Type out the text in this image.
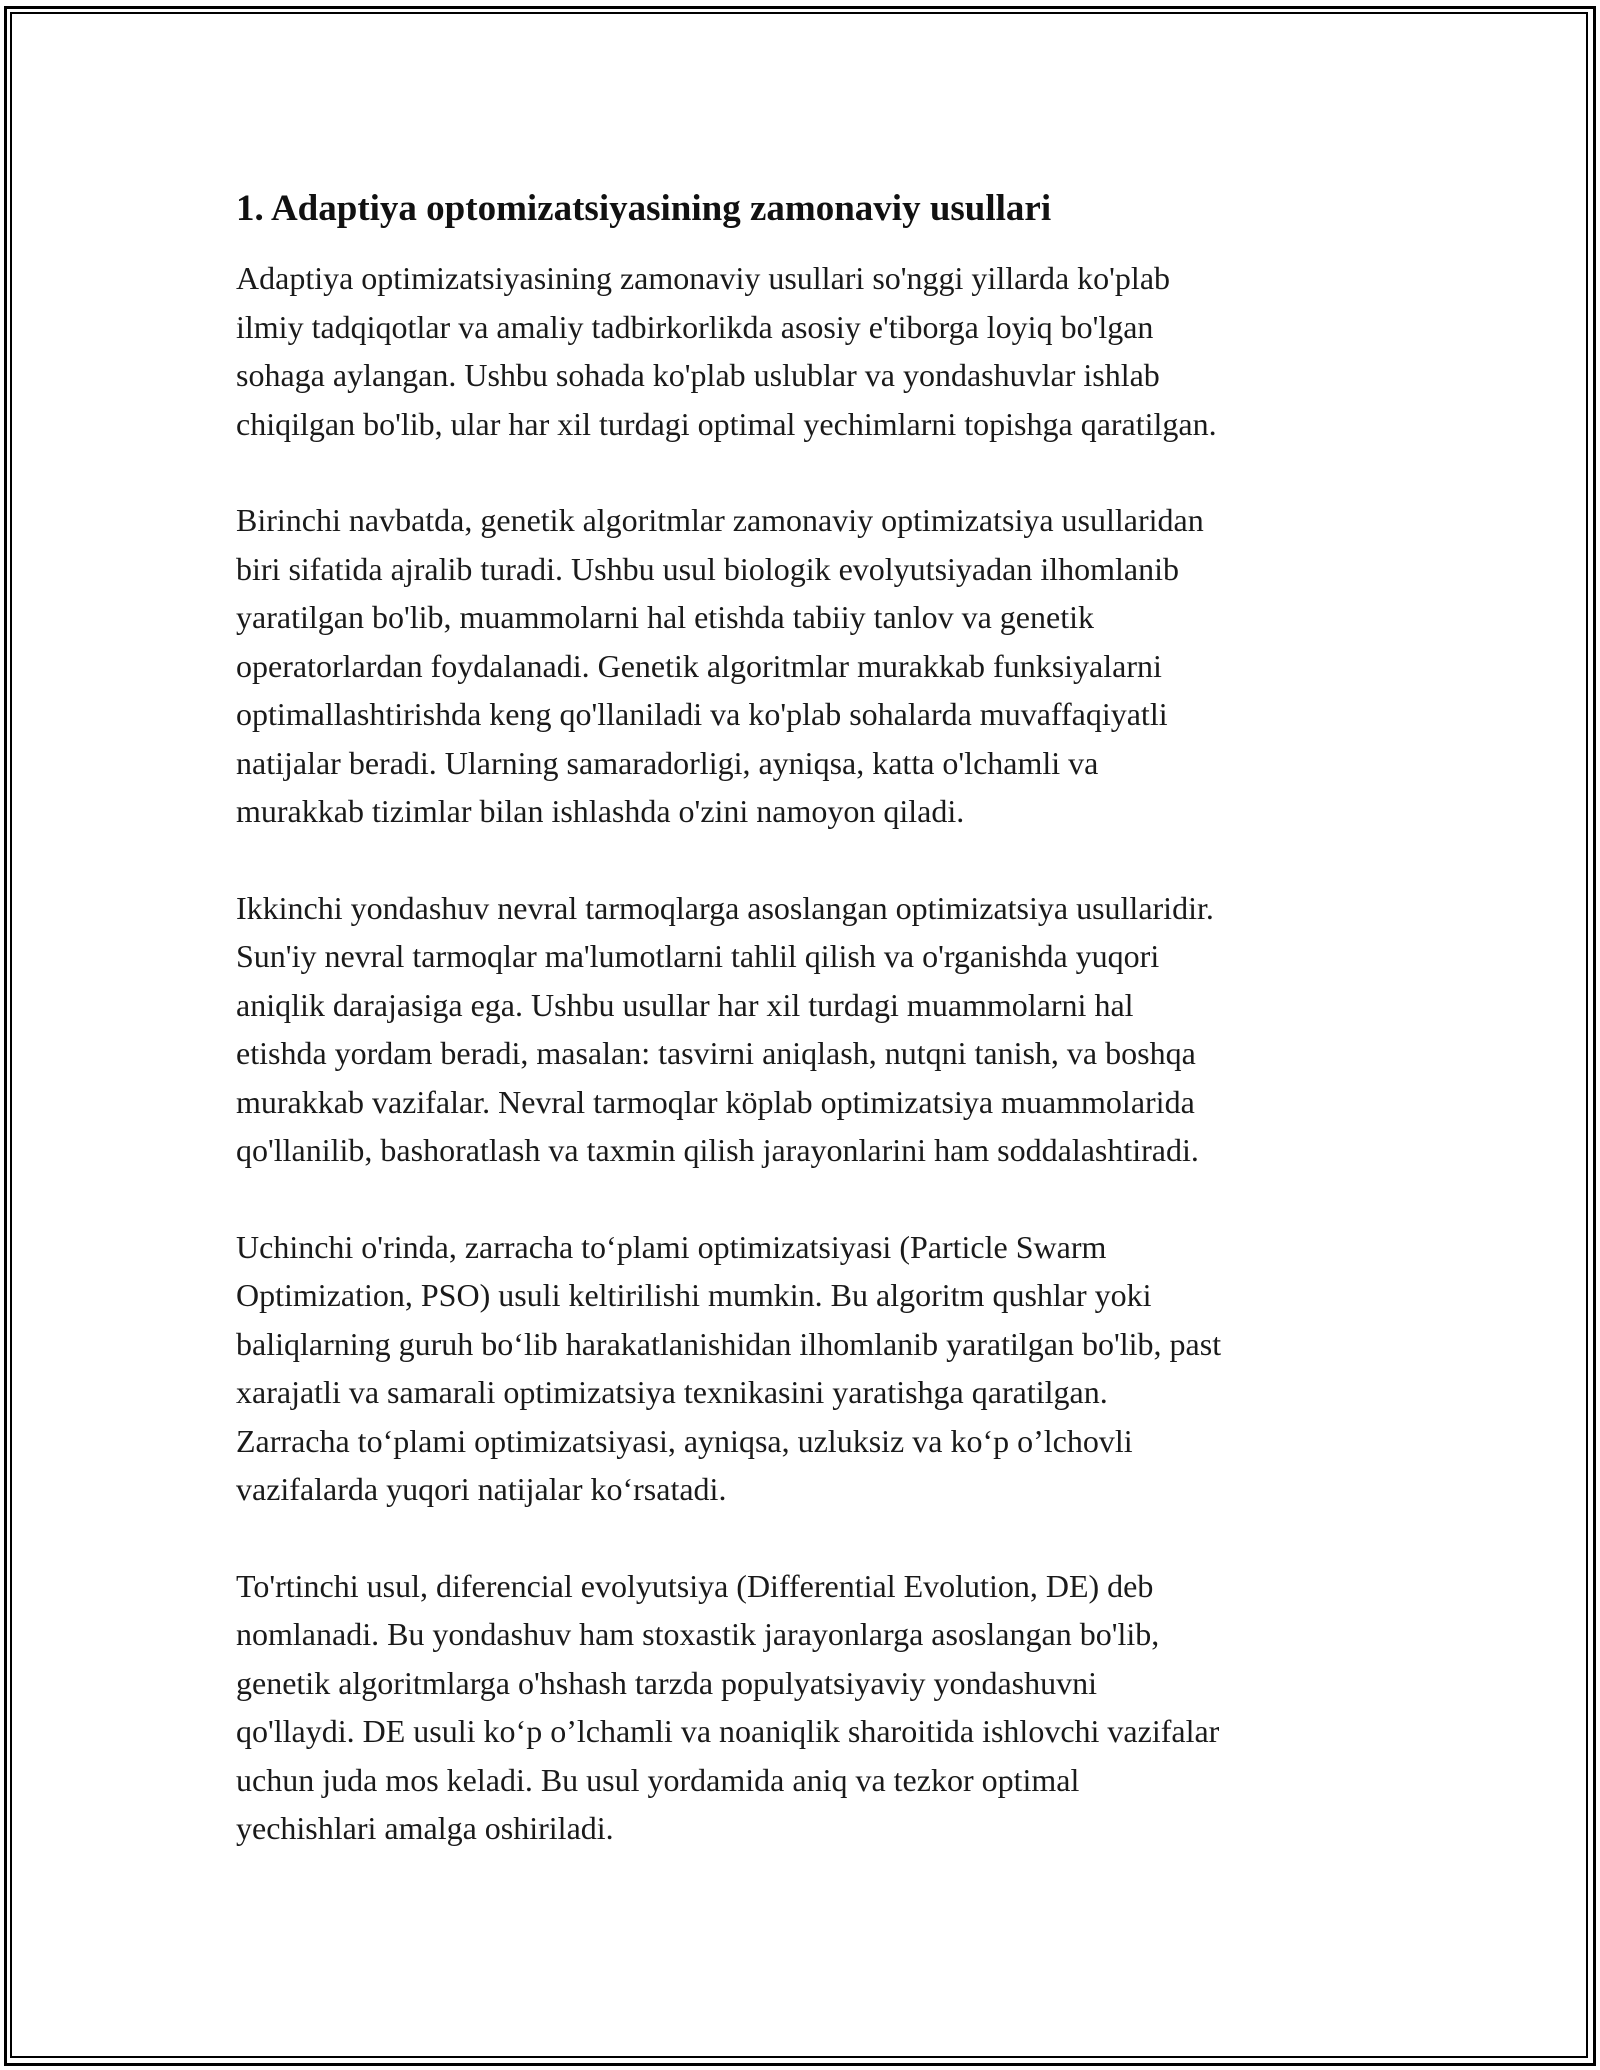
1. Adaptiya optomizatsiyasining zamonaviy usullari

Adaptiya optimizatsiyasining zamonaviy usullari so'nggi yillarda ko'plab
ilmiy tadqiqotlar va amaliy tadbirkorlikda asosiy e'tiborga loyiq bo'lgan
sohaga aylangan. Ushbu sohada ko'plab uslublar va yondashuvlar ishlab
chiqilgan bo'lib, ular har xil turdagi optimal yechimlarni topishga qaratilgan.

Birinchi navbatda, genetik algoritmlar zamonaviy optimizatsiya usullaridan
biri sifatida ajralib turadi. Ushbu usul biologik evolyutsiyadan ilhomlanib
yaratilgan bo'lib, muammolarni hal etishda tabiiy tanlov va genetik
operatorlardan foydalanadi. Genetik algoritmlar murakkab funksiyalarni
optimallashtirishda keng qo'llaniladi va ko'plab sohalarda muvaffaqiyatli
natijalar beradi. Ularning samaradorligi, ayniqsa, katta o'lchamli va
murakkab tizimlar bilan ishlashda o'zini namoyon qiladi.

Ikkinchi yondashuv nevral tarmoqlarga asoslangan optimizatsiya usullaridir.
Sun'iy nevral tarmoqlar ma'lumotlarni tahlil qilish va o'rganishda yuqori
aniqlik darajasiga ega. Ushbu usullar har xil turdagi muammolarni hal
etishda yordam beradi, masalan: tasvirni aniqlash, nutqni tanish, va boshqa
murakkab vazifalar. Nevral tarmoqlar köplab optimizatsiya muammolarida
qo'llanilib, bashoratlash va taxmin qilish jarayonlarini ham soddalashtiradi.

Uchinchi o'rinda, zarracha to‘plami optimizatsiyasi (Particle Swarm
Optimization, PSO) usuli keltirilishi mumkin. Bu algoritm qushlar yoki
baliqlarning guruh bo‘lib harakatlanishidan ilhomlanib yaratilgan bo'lib, past
xarajatli va samarali optimizatsiya texnikasini yaratishga qaratilgan.
Zarracha to‘plami optimizatsiyasi, ayniqsa, uzluksiz va ko‘p o’lchovli
vazifalarda yuqori natijalar ko‘rsatadi.

To'rtinchi usul, diferencial evolyutsiya (Differential Evolution, DE) deb
nomlanadi. Bu yondashuv ham stoxastik jarayonlarga asoslangan bo'lib,
genetik algoritmlarga o'hshash tarzda populyatsiyaviy yondashuvni
qo'llaydi. DE usuli ko‘p o’lchamli va noaniqlik sharoitida ishlovchi vazifalar
uchun juda mos keladi. Bu usul yordamida aniq va tezkor optimal
yechishlari amalga oshiriladi.
